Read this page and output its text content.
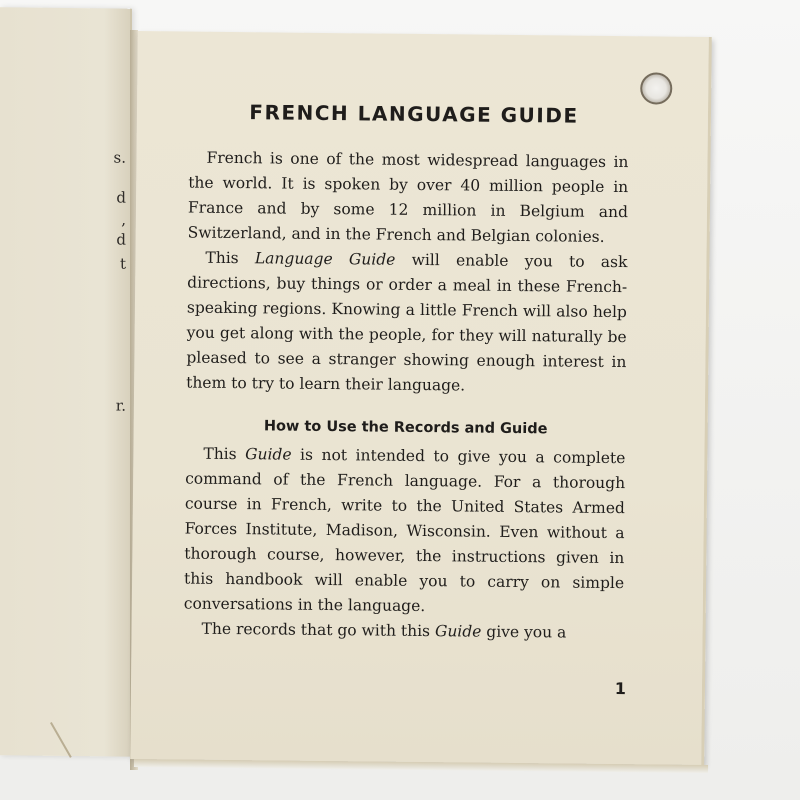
s.
d
,
d
t
r.
FRENCH LANGUAGE GUIDE

French is one of the most widespread languages in the world. It is spoken by over 40 million people in France and by some 12 million in Belgium and Switzerland, and in the French and Belgian colonies.

This Language Guide will enable you to ask directions, buy things or order a meal in these French-speaking regions. Knowing a little French will also help you get along with the people, for they will naturally be pleased to see a stranger showing enough interest in them to try to learn their language.

How to Use the Records and Guide

This Guide is not intended to give you a complete command of the French language. For a thorough course in French, write to the United States Armed Forces Institute, Madison, Wisconsin. Even without a thorough course, however, the instructions given in this handbook will enable you to carry on simple conversations in the language.

The records that go with this Guide give you a

1
